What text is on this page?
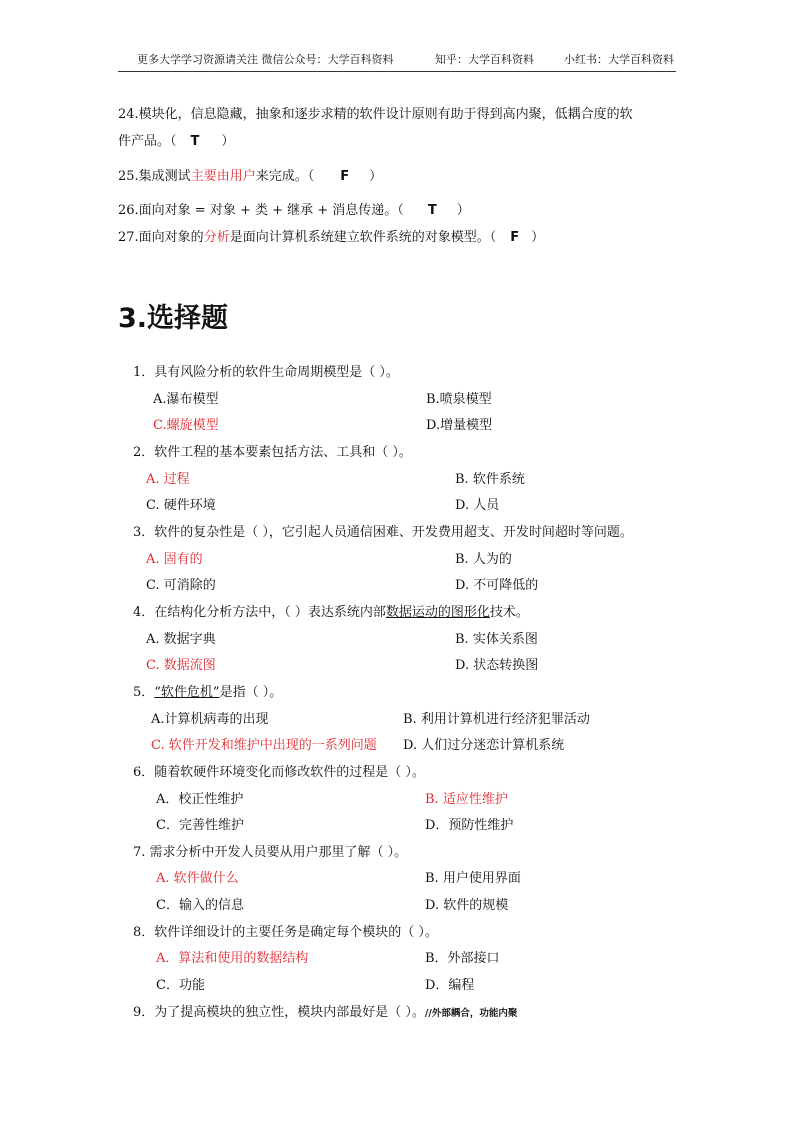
更多大学学习资源请关注 微信公众号：大学百科资料	知乎：大学百科资料	小红书：大学百科资料
24.模块化，信息隐藏，抽象和逐步求精的软件设计原则有助于得到高内聚，低耦合度的软
件产品。（ T ）
25.集成测试主要由用户来完成。（ F ）
26.面向对象 = 对象 + 类 + 继承 + 消息传递。（ T ）
27.面向对象的分析是面向计算机系统建立软件系统的对象模型。（ F ）
3.选择题
1．具有风险分析的软件生命周期模型是（ ）。
A.瀑布模型	B.喷泉模型
C.螺旋模型	D.增量模型
2．软件工程的基本要素包括方法、工具和（ ）。
A. 过程	B. 软件系统
C. 硬件环境	D. 人员
3．软件的复杂性是（ ），它引起人员通信困难、开发费用超支、开发时间超时等问题。
A. 固有的	B. 人为的
C. 可消除的	D. 不可降低的
4．在结构化分析方法中，（ ）表达系统内部数据运动的图形化技术。
A. 数据字典	B. 实体关系图
C. 数据流图	D. 状态转换图
5．“软件危机”是指（ ）。
A.计算机病毒的出现	B. 利用计算机进行经济犯罪活动
C. 软件开发和维护中出现的一系列问题 D. 人们过分迷恋计算机系统
6．随着软硬件环境变化而修改软件的过程是（ ）。
A．校正性维护	B. 适应性维护
C．完善性维护	D．预防性维护
7. 需求分析中开发人员要从用户那里了解（ ）。
A. 软件做什么	B. 用户使用界面
C．输入的信息	D. 软件的规模
8．软件详细设计的主要任务是确定每个模块的（ ）。
A．算法和使用的数据结构	B．外部接口
C．功能	D．编程
9．为了提高模块的独立性，模块内部最好是（ ）。//外部耦合，功能内聚
